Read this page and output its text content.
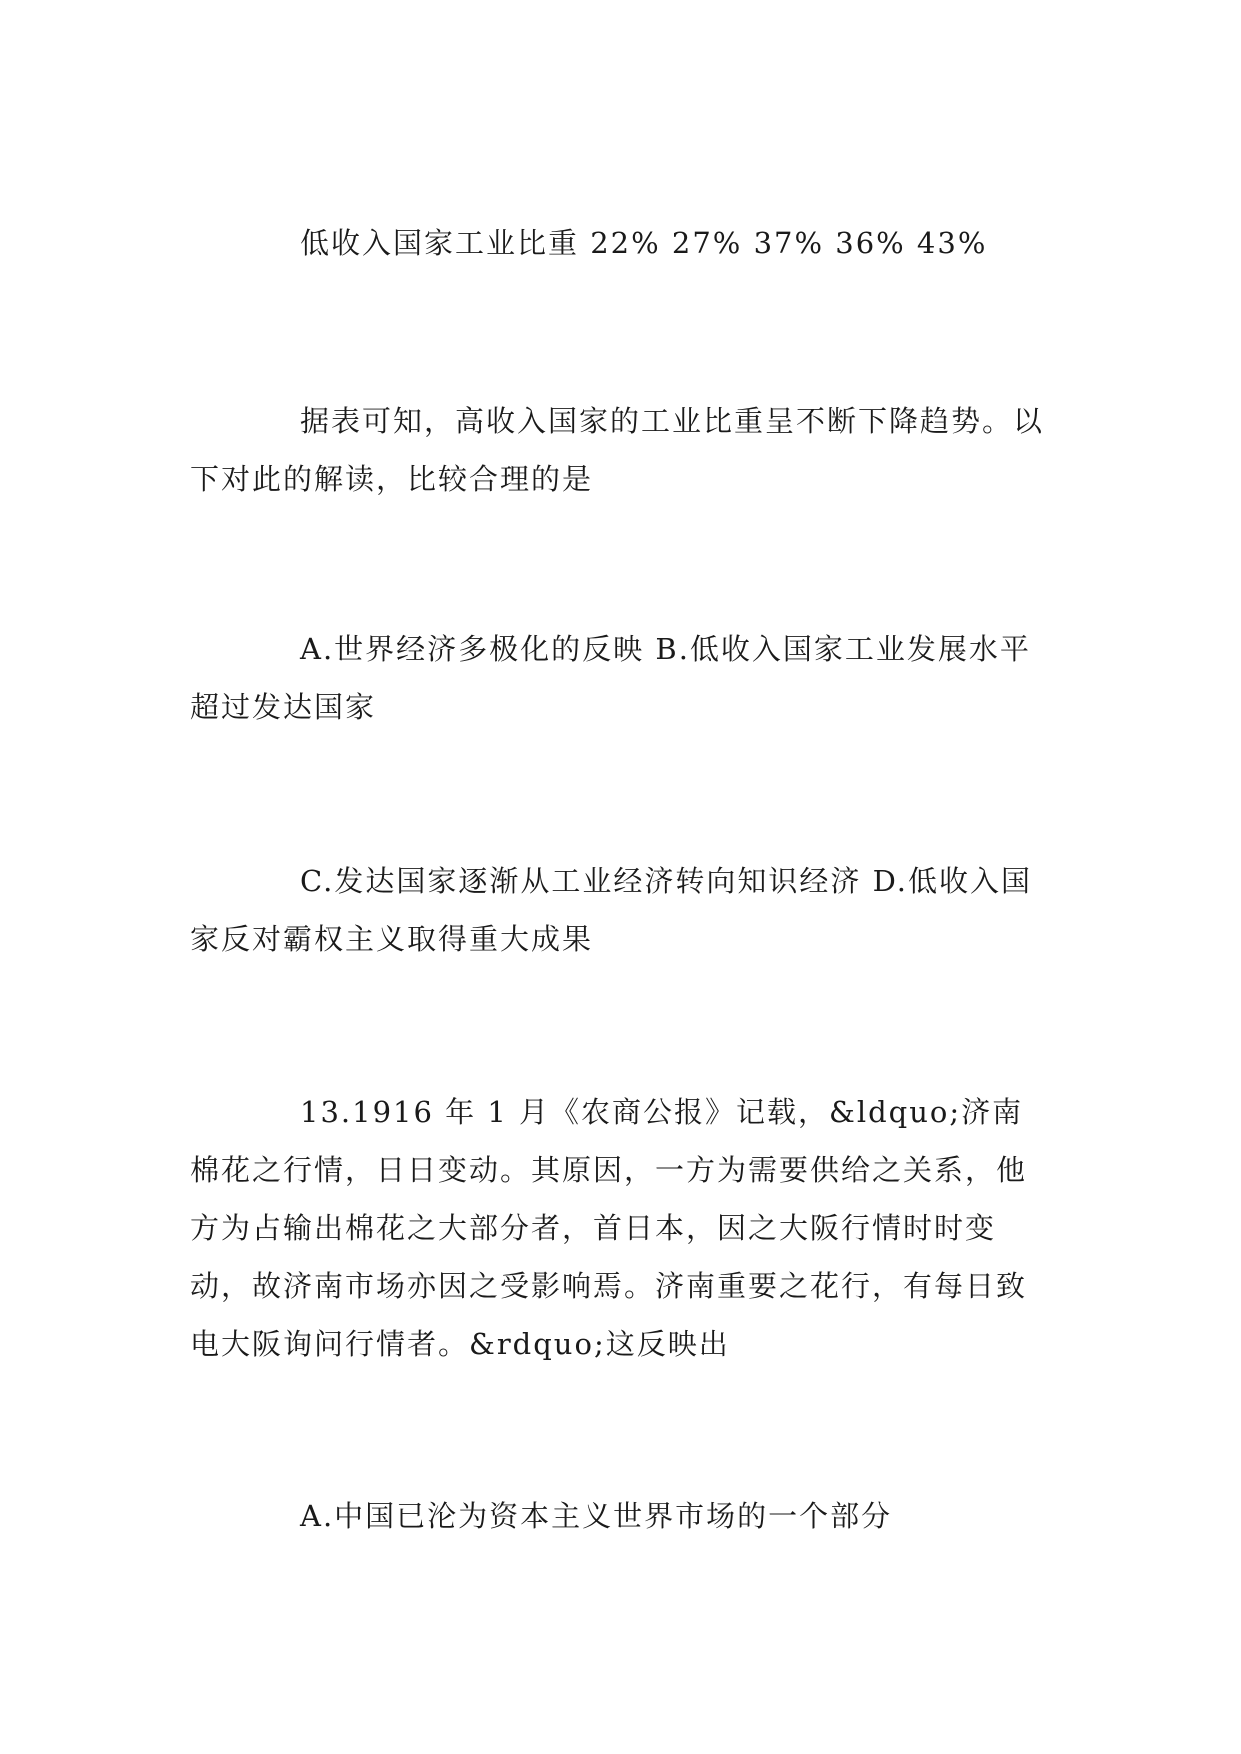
低收入国家工业比重 22% 27% 37% 36% 43%

据表可知，高收入国家的工业比重呈不断下降趋势。以下对此的解读，比较合理的是

A.世界经济多极化的反映 B.低收入国家工业发展水平超过发达国家

C.发达国家逐渐从工业经济转向知识经济 D.低收入国家反对霸权主义取得重大成果

13.1916 年 1 月《农商公报》记载，&ldquo;济南棉花之行情，日日变动。其原因，一方为需要供给之关系，他方为占输出棉花之大部分者，首日本，因之大阪行情时时变动，故济南市场亦因之受影响焉。济南重要之花行，有每日致电大阪询问行情者。&rdquo;这反映出

A.中国已沦为资本主义世界市场的一个部分
